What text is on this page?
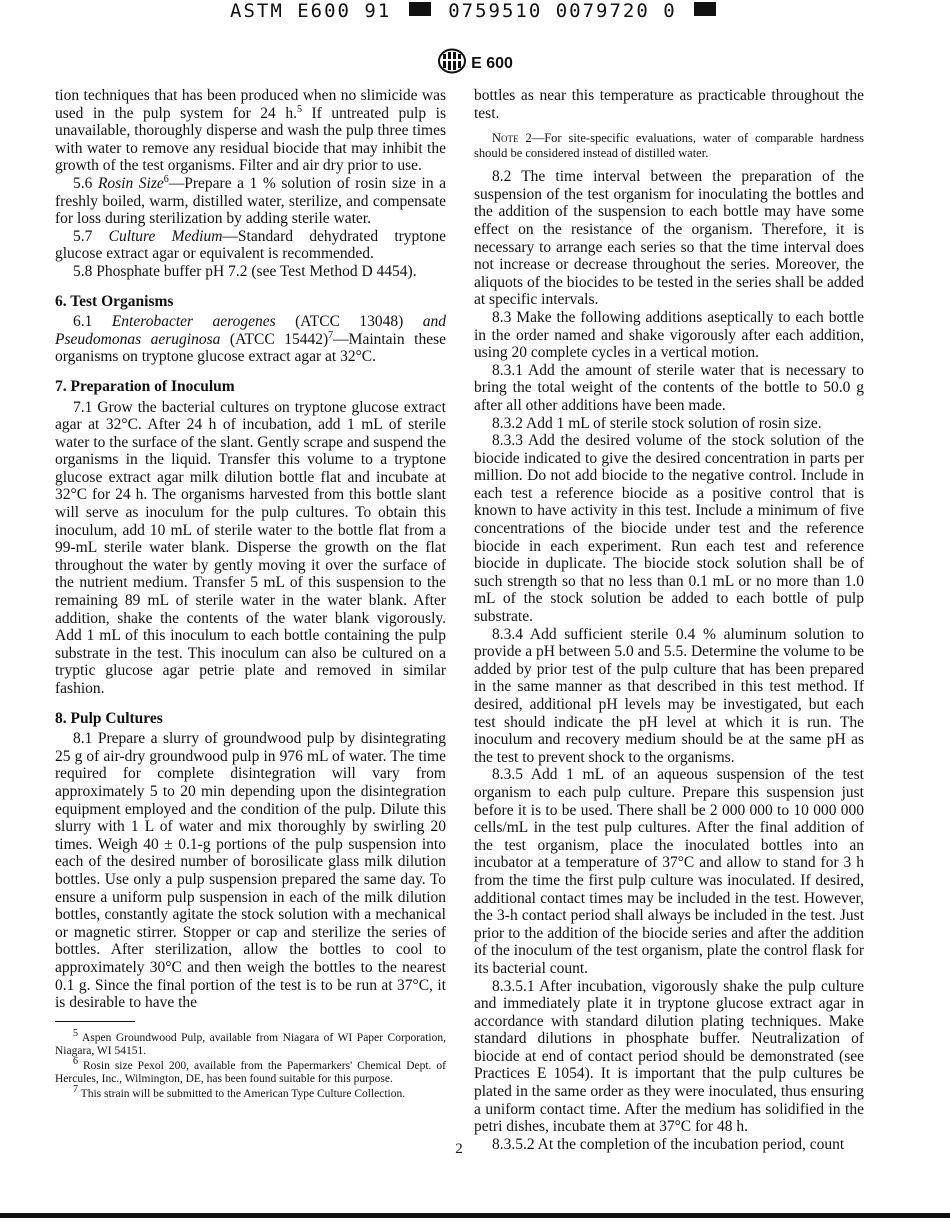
ASTM E600 91	0759510 0079720 0
E 600

tion techniques that has been produced when no slimicide was used in the pulp system for 24 h.$^5$ If untreated pulp is unavailable, thoroughly disperse and wash the pulp three times with water to remove any residual biocide that may inhibit the growth of the test organisms. Filter and air dry prior to use.

5.6 Rosin Size$^6$—Prepare a 1 % solution of rosin size in a freshly boiled, warm, distilled water, sterilize, and compensate for loss during sterilization by adding sterile water.

5.7 Culture Medium—Standard dehydrated tryptone glucose extract agar or equivalent is recommended.

5.8 Phosphate buffer pH 7.2 (see Test Method D 4454).

6. Test Organisms

6.1 Enterobacter aerogenes (ATCC 13048) and Pseudomonas aeruginosa (ATCC 15442)$^7$—Maintain these organisms on tryptone glucose extract agar at 32°C.

7. Preparation of Inoculum

7.1 Grow the bacterial cultures on tryptone glucose extract agar at 32°C. After 24 h of incubation, add 1 mL of sterile water to the surface of the slant. Gently scrape and suspend the organisms in the liquid. Transfer this volume to a tryptone glucose extract agar milk dilution bottle flat and incubate at 32°C for 24 h. The organisms harvested from this bottle slant will serve as inoculum for the pulp cultures. To obtain this inoculum, add 10 mL of sterile water to the bottle flat from a 99-mL sterile water blank. Disperse the growth on the flat throughout the water by gently moving it over the surface of the nutrient medium. Transfer 5 mL of this suspension to the remaining 89 mL of sterile water in the water blank. After addition, shake the contents of the water blank vigorously. Add 1 mL of this inoculum to each bottle containing the pulp substrate in the test. This inoculum can also be cultured on a tryptic glucose agar petrie plate and removed in similar fashion.

8. Pulp Cultures

8.1 Prepare a slurry of groundwood pulp by disintegrating 25 g of air-dry groundwood pulp in 976 mL of water. The time required for complete disintegration will vary from approximately 5 to 20 min depending upon the disintegration equipment employed and the condition of the pulp. Dilute this slurry with 1 L of water and mix thoroughly by swirling 20 times. Weigh 40 ± 0.1-g portions of the pulp suspension into each of the desired number of borosilicate glass milk dilution bottles. Use only a pulp suspension prepared the same day. To ensure a uniform pulp suspension in each of the milk dilution bottles, constantly agitate the stock solution with a mechanical or magnetic stirrer. Stopper or cap and sterilize the series of bottles. After sterilization, allow the bottles to cool to approximately 30°C and then weigh the bottles to the nearest 0.1 g. Since the final portion of the test is to be run at 37°C, it is desirable to have the

bottles as near this temperature as practicable throughout the test.

Note 2—For site-specific evaluations, water of comparable hardness should be considered instead of distilled water.

8.2 The time interval between the preparation of the suspension of the test organism for inoculating the bottles and the addition of the suspension to each bottle may have some effect on the resistance of the organism. Therefore, it is necessary to arrange each series so that the time interval does not increase or decrease throughout the series. Moreover, the aliquots of the biocides to be tested in the series shall be added at specific intervals.

8.3 Make the following additions aseptically to each bottle in the order named and shake vigorously after each addition, using 20 complete cycles in a vertical motion.

8.3.1 Add the amount of sterile water that is necessary to bring the total weight of the contents of the bottle to 50.0 g after all other additions have been made.

8.3.2 Add 1 mL of sterile stock solution of rosin size.

8.3.3 Add the desired volume of the stock solution of the biocide indicated to give the desired concentration in parts per million. Do not add biocide to the negative control. Include in each test a reference biocide as a positive control that is known to have activity in this test. Include a minimum of five concentrations of the biocide under test and the reference biocide in each experiment. Run each test and reference biocide in duplicate. The biocide stock solution shall be of such strength so that no less than 0.1 mL or no more than 1.0 mL of the stock solution be added to each bottle of pulp substrate.

8.3.4 Add sufficient sterile 0.4 % aluminum solution to provide a pH between 5.0 and 5.5. Determine the volume to be added by prior test of the pulp culture that has been prepared in the same manner as that described in this test method. If desired, additional pH levels may be investigated, but each test should indicate the pH level at which it is run. The inoculum and recovery medium should be at the same pH as the test to prevent shock to the organisms.

8.3.5 Add 1 mL of an aqueous suspension of the test organism to each pulp culture. Prepare this suspension just before it is to be used. There shall be 2 000 000 to 10 000 000 cells/mL in the test pulp cultures. After the final addition of the test organism, place the inoculated bottles into an incubator at a temperature of 37°C and allow to stand for 3 h from the time the first pulp culture was inoculated. If desired, additional contact times may be included in the test. However, the 3-h contact period shall always be included in the test. Just prior to the addition of the biocide series and after the addition of the inoculum of the test organism, plate the control flask for its bacterial count.

8.3.5.1 After incubation, vigorously shake the pulp culture and immediately plate it in tryptone glucose extract agar in accordance with standard dilution plating techniques. Make standard dilutions in phosphate buffer. Neutralization of biocide at end of contact period should be demonstrated (see Practices E 1054). It is important that the pulp cultures be plated in the same order as they were inoculated, thus ensuring a uniform contact time. After the medium has solidified in the petri dishes, incubate them at 37°C for 48 h.

8.3.5.2 At the completion of the incubation period, count

$^5$ Aspen Groundwood Pulp, available from Niagara of WI Paper Corporation, Niagara, WI 54151.

$^6$ Rosin size Pexol 200, available from the Papermarkers' Chemical Dept. of Hercules, Inc., Wilmington, DE, has been found suitable for this purpose.

$^7$ This strain will be submitted to the American Type Culture Collection.

2
